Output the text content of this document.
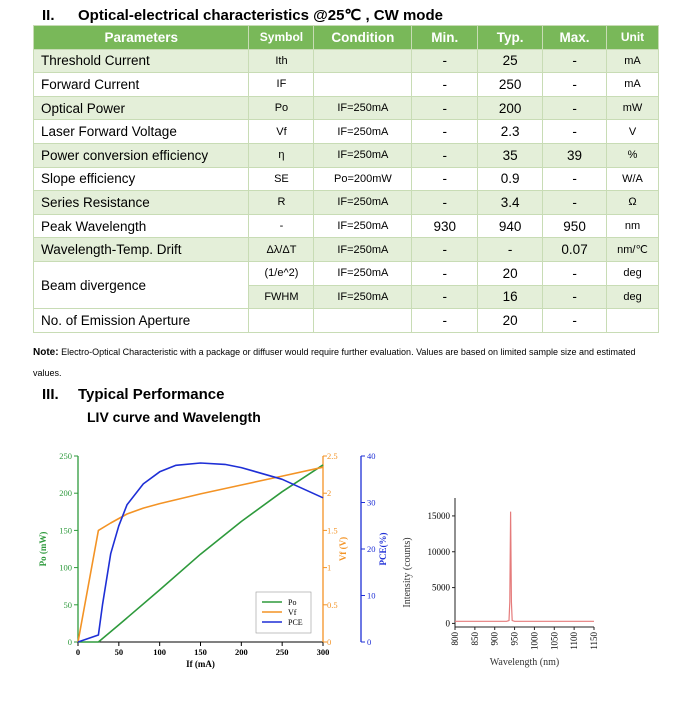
II. Optical-electrical characteristics @25℃ , CW mode
Parameters	Symbol	Condition	Min.	Typ.	Max.	Unit
Threshold Current	Ith		-	25	-	mA
Forward Current	IF		-	250	-	mA
Optical Power	Po	IF=250mA	-	200	-	mW
Laser Forward Voltage	Vf	IF=250mA	-	2.3	-	V
Power conversion efficiency	η	IF=250mA	-	35	39	%
Slope efficiency	SE	Po=200mW	-	0.9	-	W/A
Series Resistance	R	IF=250mA	-	3.4	-	Ω
Peak Wavelength	-	IF=250mA	930	940	950	nm
Wavelength-Temp. Drift	Δλ/ΔT	IF=250mA	-	-	0.07	nm/℃
Beam divergence	(1/e^2)	IF=250mA	-	20	-	deg
	FWHM	IF=250mA	-	16	-	deg
No. of Emission Aperture			-	20	-	
Note: Electro-Optical Characteristic with a package or diffuser would require further evaluation. Values are based on limited sample size and estimated values.
III. Typical Performance
LIV curve and Wavelength
0
50
100
150
200
250
Po (mW)
0	50	100	150	200	250	300
If (mA)
0
0.5
1
1.5
2
2.5
Vf (V)
0
10
20
30
40
PCE(%)
Po
Vf
PCE	0
5000
10000
15000
800 850 900 950 1000 1050 1100 1150
Wavelength (nm)
Intensity (counts)
